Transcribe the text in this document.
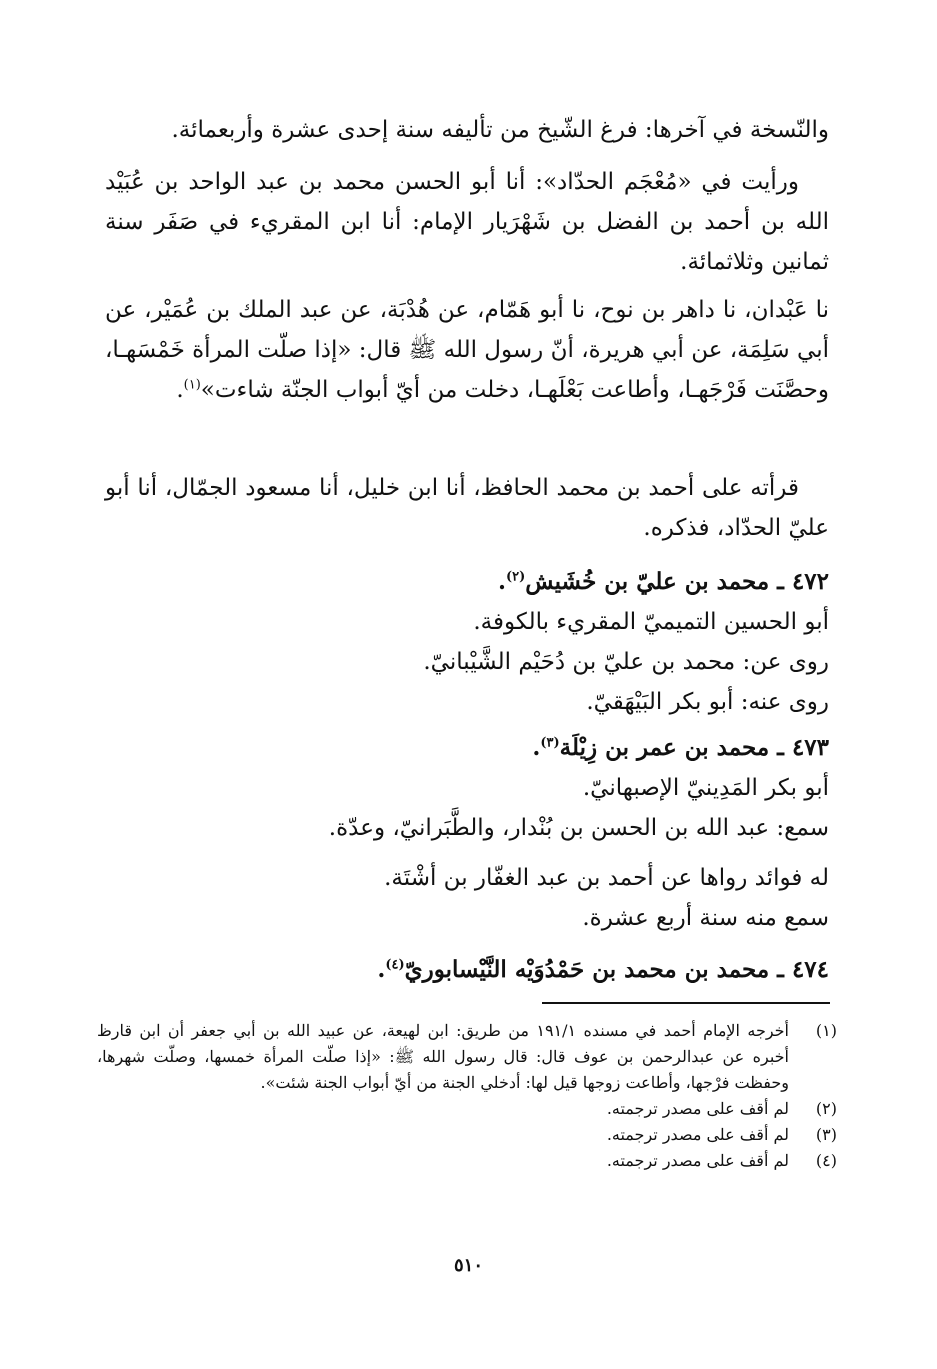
والنّسخة في آخرها: فرغ الشّيخ من تأليفه سنة إحدى عشرة وأربعمائة.

ورأيت في «مُعْجَم الحدّاد»: أنا أبو الحسن محمد بن عبد الواحد بن عُبَيْد الله بن أحمد بن الفضل بن شَهْرَيار الإمام: أنا ابن المقريء في صَفَر سنة ثمانين وثلاثمائة.

نا عَبْدان، نا داهر بن نوح، نا أبو هَمّام، عن هُدْبَة، عن عبد الملك بن عُمَيْر، عن أبي سَلِمَة، عن أبي هريرة، أنّ رسول الله ﷺ قال: «إذا صلّت المرأة خَمْسَهـا، وحصَّنَت فَرْجَهـا، وأطاعت بَعْلَهـا، دخلت من أيّ أبواب الجنّة شاءت»$^{(١)}$.

قرأته على أحمد بن محمد الحافظ، أنا ابن خليل، أنا مسعود الجمّال، أنا أبو عليّ الحدّاد، فذكره.

٤٧٢ ـ محمد بن عليّ بن خُشَيش$^{(٢)}$.
أبو الحسين التميميّ المقريء بالكوفة.
روى عن: محمد بن عليّ بن دُحَيْم الشَّيْبانيّ.
روى عنه: أبو بكر البَيْهَقيّ.
٤٧٣ ـ محمد بن عمر بن زِيْلَة$^{(٣)}$.
أبو بكر المَدِينيّ الإصبهانيّ.
سمع: عبد الله بن الحسن بن بُنْدار، والطَّبَرانيّ، وعدّة.
له فوائد رواها عن أحمد بن عبد الغفّار بن أشْتَة.
سمع منه سنة أربع عشرة.
٤٧٤ ـ محمد بن محمد بن حَمْدُوَيْه النَّيْسابوريّ$^{(٤)}$.
(١)
أخرجه الإمام أحمد في مسنده ١٩١/١ من طريق: ابن لهيعة، عن عبيد الله بن أبي جعفر أن ابن قارظ أخبره عن عبدالرحمن بن عوف قال: قال رسول الله ﷺ: «إذا صلّت المرأة خمسها، وصلّت شهرها، وحفظت فرْجها، وأطاعت زوجها قيل لها: أدخلي الجنة من أيّ أبواب الجنة شئت».
(٢)
لم أقف على مصدر ترجمته.
(٣)
لم أقف على مصدر ترجمته.
(٤)
لم أقف على مصدر ترجمته.
٥١٠
